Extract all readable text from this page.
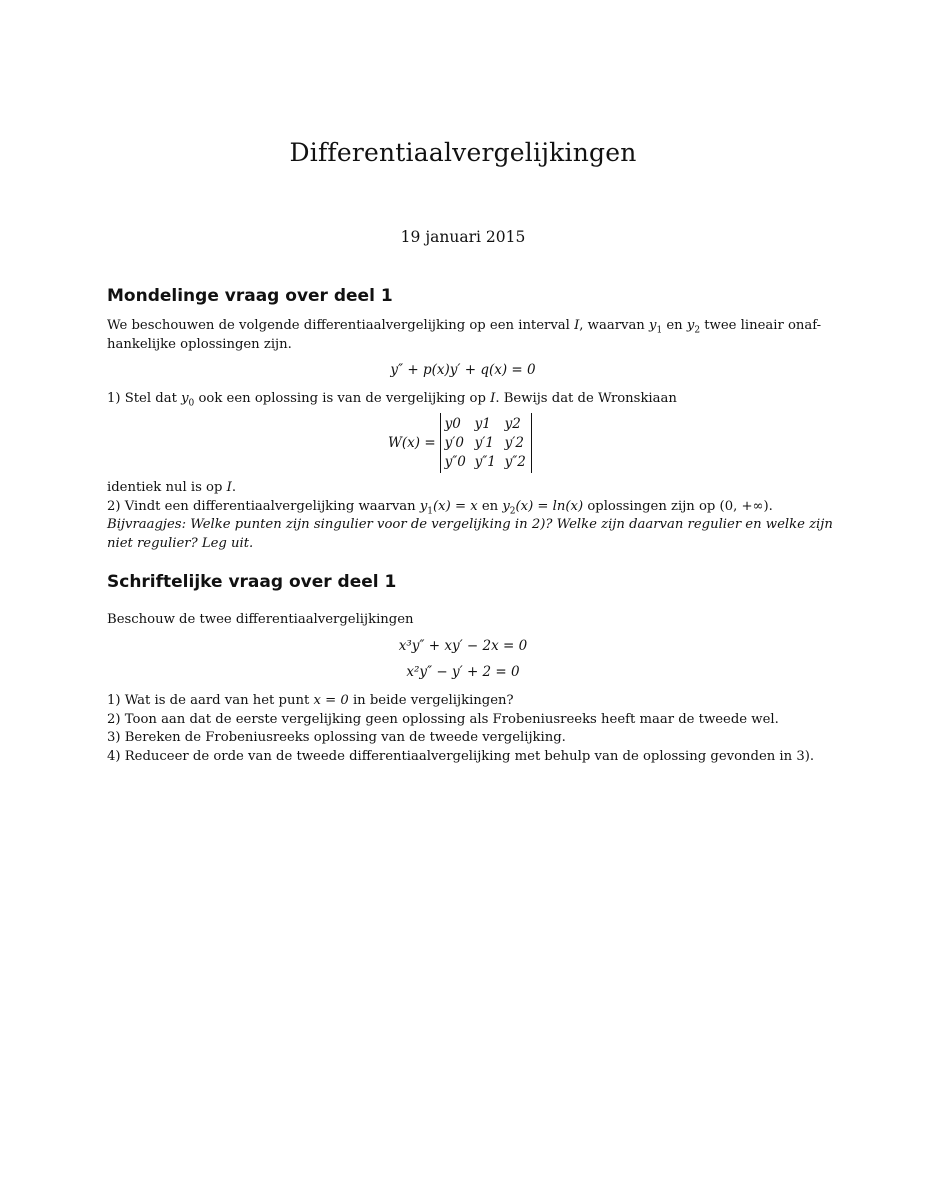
Differentiaalvergelijkingen
19 januari 2015
Mondelinge vraag over deel 1
We beschouwen de volgende differentiaalvergelijking op een interval I, waarvan $y_1$ en $y_2$ twee lineair onaf-
hankelijke oplossingen zijn.
y″ + p(x)y′ + q(x) = 0
1) Stel dat $y_0$ ook een oplossing is van de vergelijking op I. Bewijs dat de Wronskiaan
W(x) =
y0	y1	y2
y′0 y′1 y′2
y″0 y″1 y″2
identiek nul is op I.
2) Vindt een differentiaalvergelijking waarvan $y_1(x) = x$ en $y_2(x) = \ln(x)$ oplossingen zijn op (0, +∞).
Bijvraagjes: Welke punten zijn singulier voor de vergelijking in 2)? Welke zijn daarvan regulier en welke zijn
niet regulier? Leg uit.
Schriftelijke vraag over deel 1
Beschouw de twee differentiaalvergelijkingen
x³y″ + xy′ − 2x = 0
x²y″ − y′ + 2 = 0
1) Wat is de aard van het punt x = 0 in beide vergelijkingen?
2) Toon aan dat de eerste vergelijking geen oplossing als Frobeniusreeks heeft maar de tweede wel.
3) Bereken de Frobeniusreeks oplossing van de tweede vergelijking.
4) Reduceer de orde van de tweede differentiaalvergelijking met behulp van de oplossing gevonden in 3).
